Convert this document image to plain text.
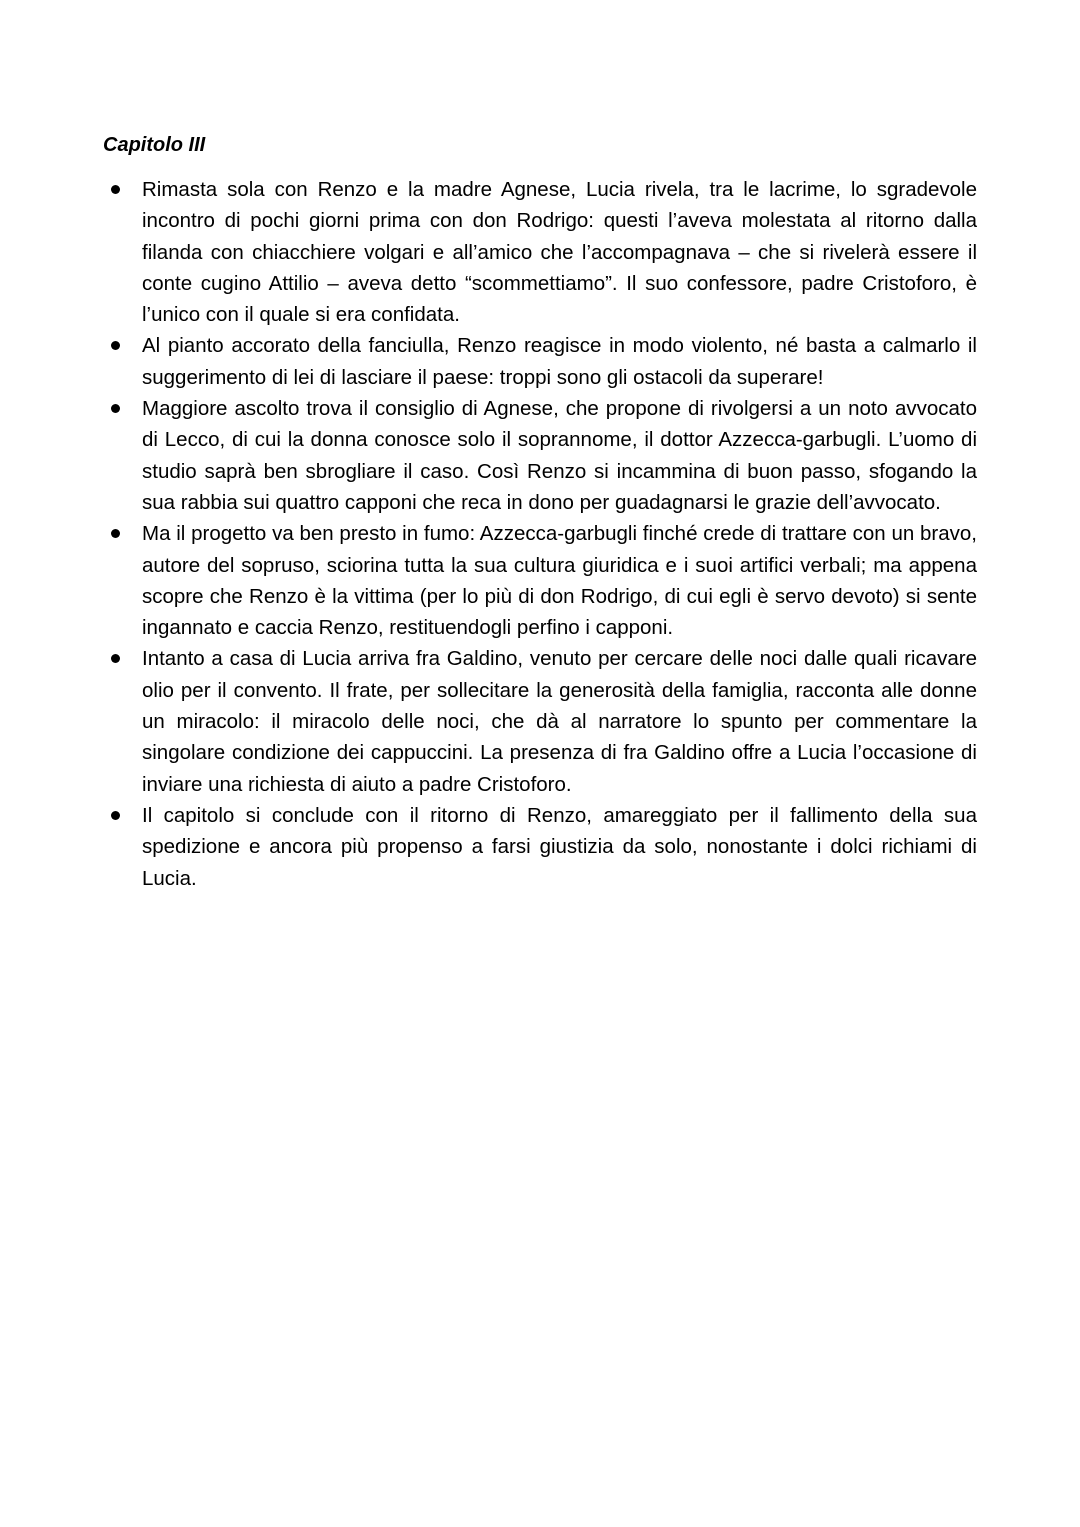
Capitolo III
Rimasta sola con Renzo e la madre Agnese, Lucia rivela, tra le lacrime, lo sgradevole incontro di pochi giorni prima con don Rodrigo: questi l’aveva molestata al ritorno dalla filanda con chiacchiere volgari e all’amico che l’accompagnava – che si rivelerà essere il conte cugino Attilio – aveva detto “scommettiamo”. Il suo confessore, padre Cristoforo, è l’unico con il quale si era confidata.
Al pianto accorato della fanciulla, Renzo reagisce in modo violento, né basta a calmarlo il suggerimento di lei di lasciare il paese: troppi sono gli ostacoli da superare!
Maggiore ascolto trova il consiglio di Agnese, che propone di rivolgersi a un noto avvocato di Lecco, di cui la donna conosce solo il soprannome, il dottor Azzecca-garbugli. L’uomo di studio saprà ben sbrogliare il caso. Così Renzo si incammina di buon passo, sfogando la sua rabbia sui quattro capponi che reca in dono per guadagnarsi le grazie dell’avvocato.
Ma il progetto va ben presto in fumo: Azzecca-garbugli finché crede di trattare con un bravo, autore del sopruso, sciorina tutta la sua cultura giuridica e i suoi artifici verbali; ma appena scopre che Renzo è la vittima (per lo più di don Rodrigo, di cui egli è servo devoto) si sente ingannato e caccia Renzo, restituendogli perfino i capponi.
Intanto a casa di Lucia arriva fra Galdino, venuto per cercare delle noci dalle quali ricavare olio per il convento. Il frate, per sollecitare la generosità della famiglia, racconta alle donne un miracolo: il miracolo delle noci, che dà al narratore lo spunto per commentare la singolare condizione dei cappuccini. La presenza di fra Galdino offre a Lucia l’occasione di inviare una richiesta di aiuto a padre Cristoforo.
Il capitolo si conclude con il ritorno di Renzo, amareggiato per il fallimento della sua spedizione e ancora più propenso a farsi giustizia da solo, nonostante i dolci richiami di Lucia.
